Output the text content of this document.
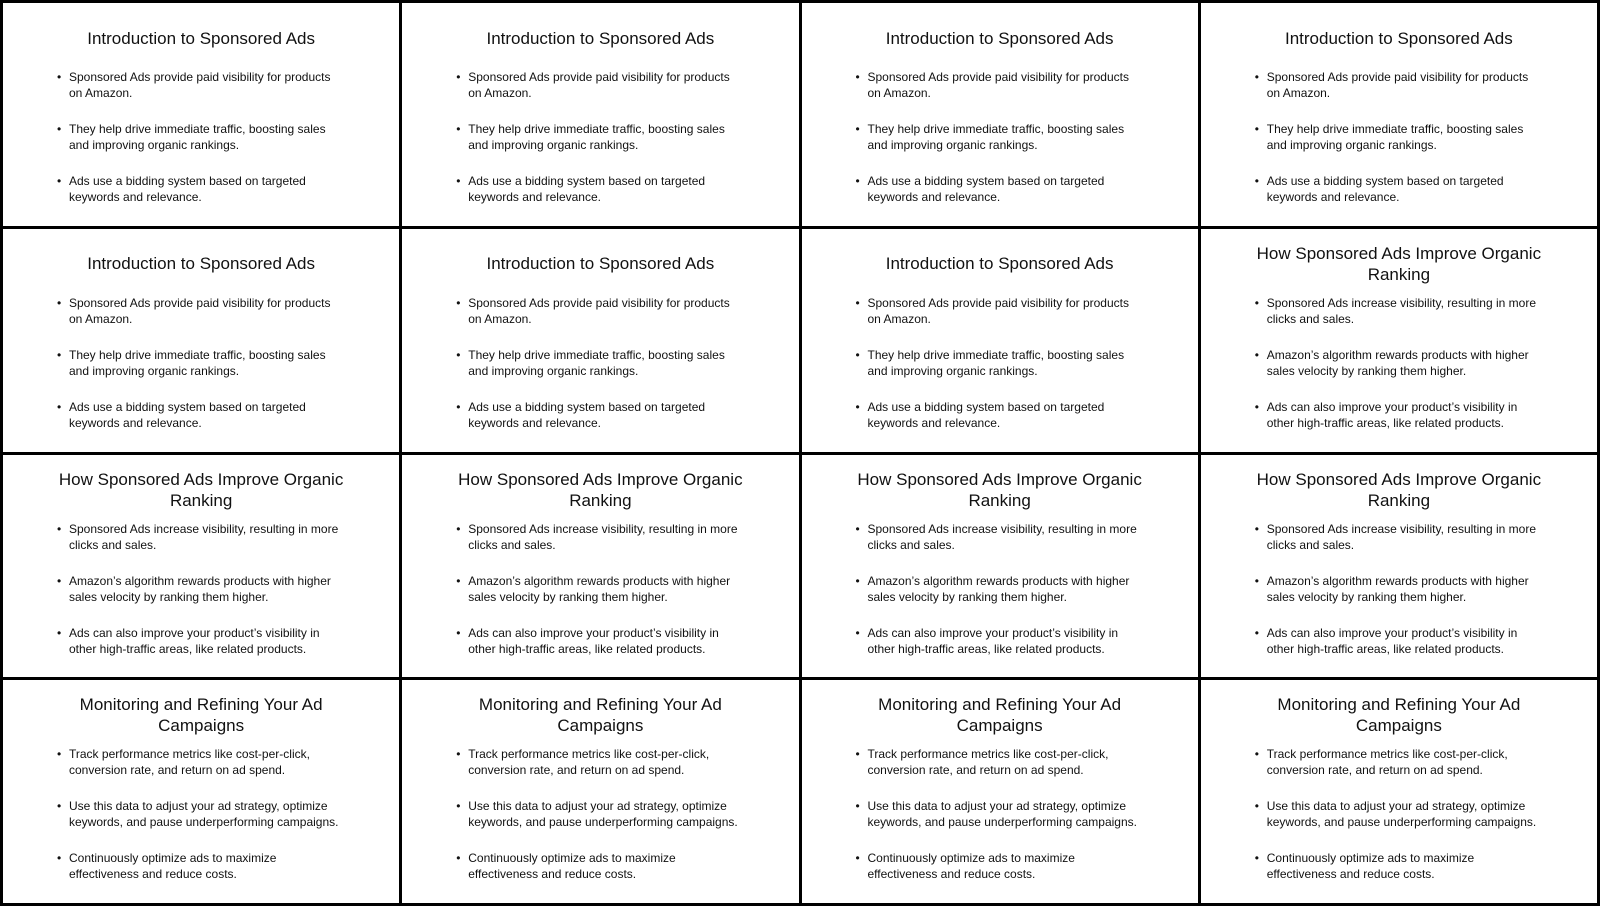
Introduction to Sponsored Ads
• Sponsored Ads provide paid visibility for products on Amazon.
• They help drive immediate traffic, boosting sales and improving organic rankings.
• Ads use a bidding system based on targeted keywords and relevance.
Introduction to Sponsored Ads
• Sponsored Ads provide paid visibility for products on Amazon.
• They help drive immediate traffic, boosting sales and improving organic rankings.
• Ads use a bidding system based on targeted keywords and relevance.
Introduction to Sponsored Ads
• Sponsored Ads provide paid visibility for products on Amazon.
• They help drive immediate traffic, boosting sales and improving organic rankings.
• Ads use a bidding system based on targeted keywords and relevance.
Introduction to Sponsored Ads
• Sponsored Ads provide paid visibility for products on Amazon.
• They help drive immediate traffic, boosting sales and improving organic rankings.
• Ads use a bidding system based on targeted keywords and relevance.
Introduction to Sponsored Ads
• Sponsored Ads provide paid visibility for products on Amazon.
• They help drive immediate traffic, boosting sales and improving organic rankings.
• Ads use a bidding system based on targeted keywords and relevance.
Introduction to Sponsored Ads
• Sponsored Ads provide paid visibility for products on Amazon.
• They help drive immediate traffic, boosting sales and improving organic rankings.
• Ads use a bidding system based on targeted keywords and relevance.
Introduction to Sponsored Ads
• Sponsored Ads provide paid visibility for products on Amazon.
• They help drive immediate traffic, boosting sales and improving organic rankings.
• Ads use a bidding system based on targeted keywords and relevance.
How Sponsored Ads Improve Organic Ranking
• Sponsored Ads increase visibility, resulting in more clicks and sales.
• Amazon’s algorithm rewards products with higher sales velocity by ranking them higher.
• Ads can also improve your product’s visibility in other high-traffic areas, like related products.
How Sponsored Ads Improve Organic Ranking
• Sponsored Ads increase visibility, resulting in more clicks and sales.
• Amazon’s algorithm rewards products with higher sales velocity by ranking them higher.
• Ads can also improve your product’s visibility in other high-traffic areas, like related products.
How Sponsored Ads Improve Organic Ranking
• Sponsored Ads increase visibility, resulting in more clicks and sales.
• Amazon’s algorithm rewards products with higher sales velocity by ranking them higher.
• Ads can also improve your product’s visibility in other high-traffic areas, like related products.
How Sponsored Ads Improve Organic Ranking
• Sponsored Ads increase visibility, resulting in more clicks and sales.
• Amazon’s algorithm rewards products with higher sales velocity by ranking them higher.
• Ads can also improve your product’s visibility in other high-traffic areas, like related products.
How Sponsored Ads Improve Organic Ranking
• Sponsored Ads increase visibility, resulting in more clicks and sales.
• Amazon’s algorithm rewards products with higher sales velocity by ranking them higher.
• Ads can also improve your product’s visibility in other high-traffic areas, like related products.
Monitoring and Refining Your Ad Campaigns
• Track performance metrics like cost-per-click, conversion rate, and return on ad spend.
• Use this data to adjust your ad strategy, optimize keywords, and pause underperforming campaigns.
• Continuously optimize ads to maximize effectiveness and reduce costs.
Monitoring and Refining Your Ad Campaigns
• Track performance metrics like cost-per-click, conversion rate, and return on ad spend.
• Use this data to adjust your ad strategy, optimize keywords, and pause underperforming campaigns.
• Continuously optimize ads to maximize effectiveness and reduce costs.
Monitoring and Refining Your Ad Campaigns
• Track performance metrics like cost-per-click, conversion rate, and return on ad spend.
• Use this data to adjust your ad strategy, optimize keywords, and pause underperforming campaigns.
• Continuously optimize ads to maximize effectiveness and reduce costs.
Monitoring and Refining Your Ad Campaigns
• Track performance metrics like cost-per-click, conversion rate, and return on ad spend.
• Use this data to adjust your ad strategy, optimize keywords, and pause underperforming campaigns.
• Continuously optimize ads to maximize effectiveness and reduce costs.
